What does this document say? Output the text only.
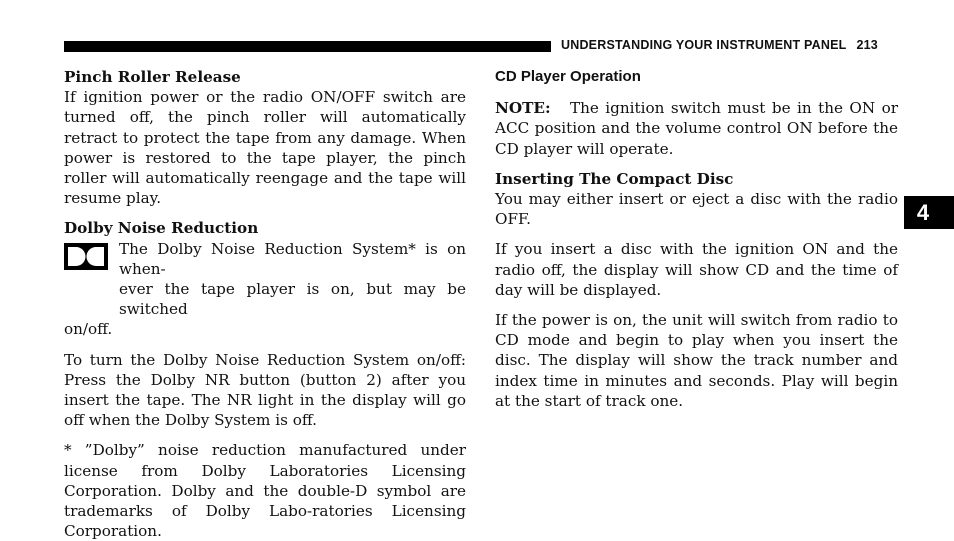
UNDERSTANDING YOUR INSTRUMENT PANEL 213

Pinch Roller Release

If ignition power or the radio ON/OFF switch are turned off, the pinch roller will automatically retract to protect the tape from any damage. When power is restored to the tape player, the pinch roller will automatically reengage and the tape will resume play.

Dolby Noise Reduction

The Dolby Noise Reduction System* is on when-

ever the tape player is on, but may be switched

on/off.

To turn the Dolby Noise Reduction System on/off: Press the Dolby NR button (button 2) after you insert the tape. The NR light in the display will go off when the Dolby System is off.

* ”Dolby” noise reduction manufactured under license from Dolby Laboratories Licensing Corporation. Dolby and the double-D symbol are trademarks of Dolby Labo-ratories Licensing Corporation.

CD Player Operation

NOTE: The ignition switch must be in the ON or ACC position and the volume control ON before the CD player will operate.

Inserting The Compact Disc

You may either insert or eject a disc with the radio OFF.

If you insert a disc with the ignition ON and the radio off, the display will show CD and the time of day will be displayed.

If the power is on, the unit will switch from radio to CD mode and begin to play when you insert the disc. The display will show the track number and index time in minutes and seconds. Play will begin at the start of track one.

4
